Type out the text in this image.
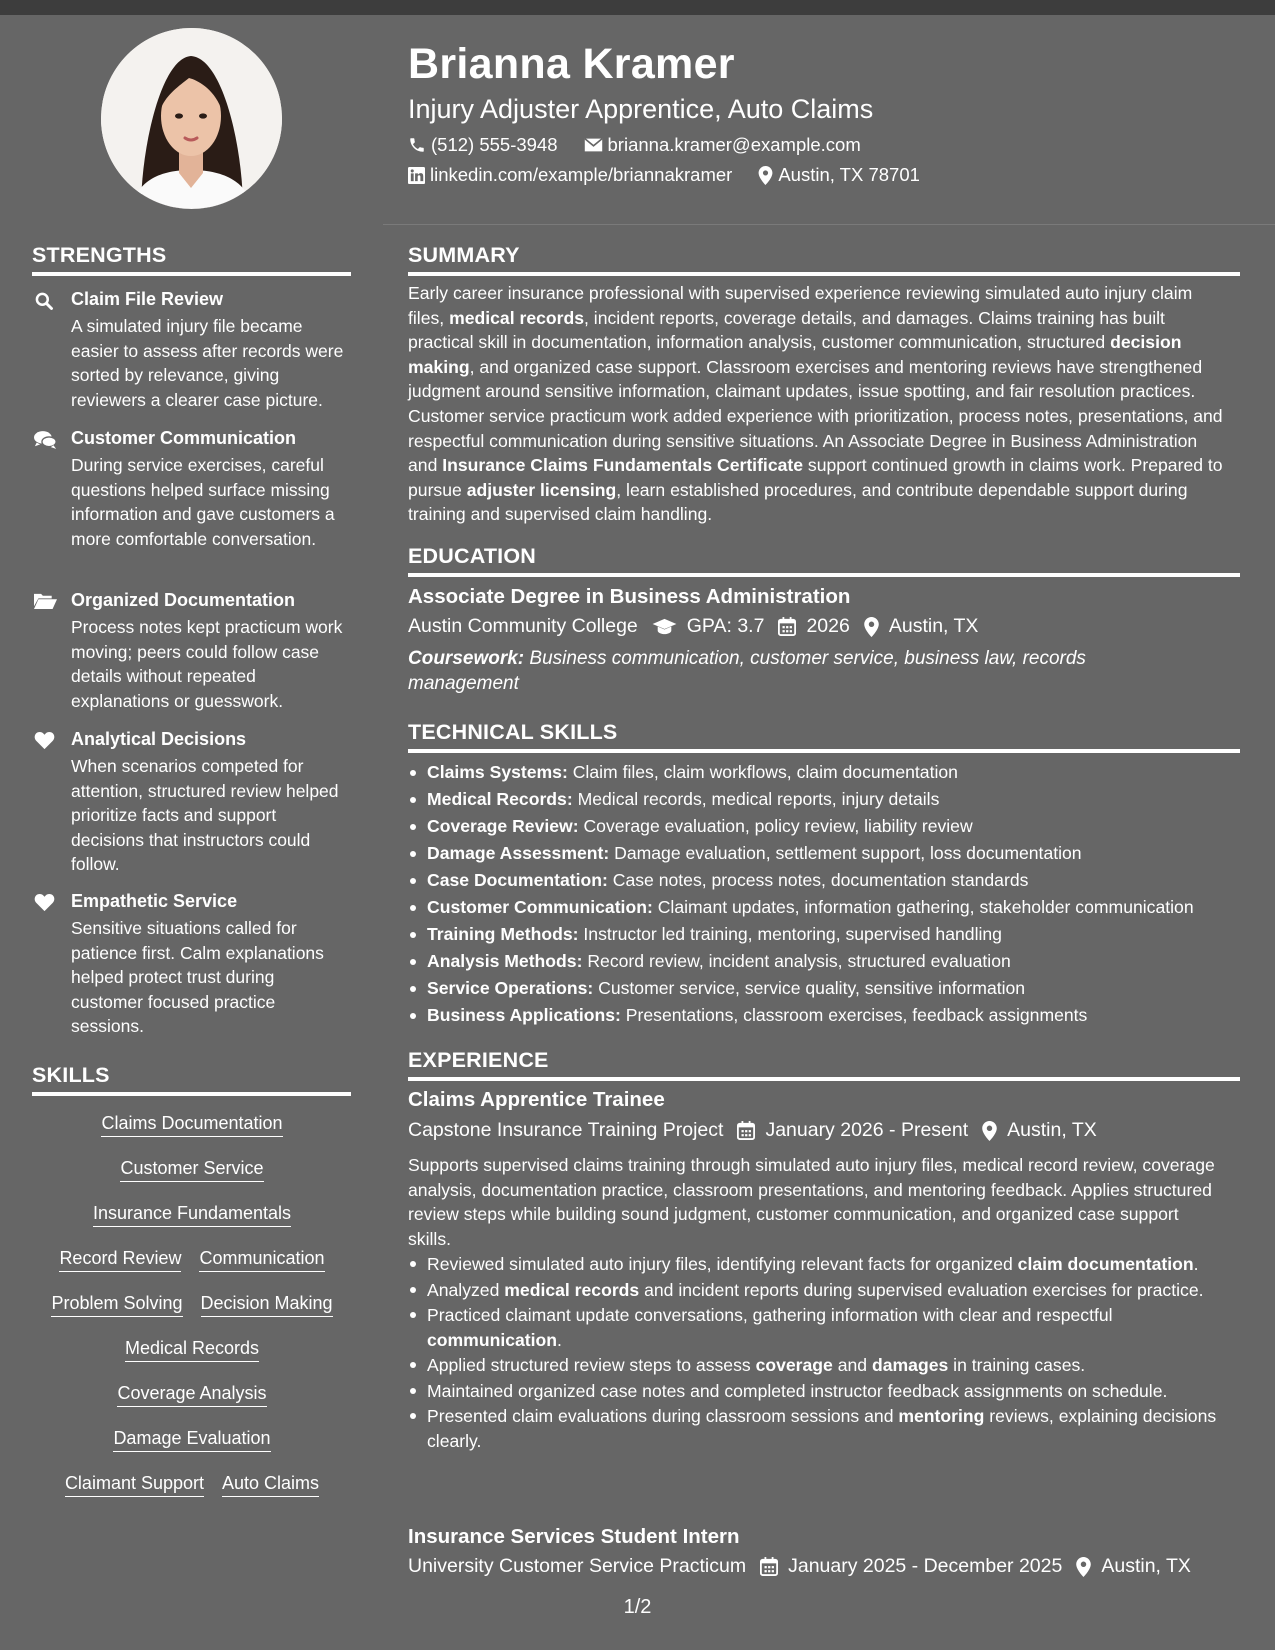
Brianna Kramer
Injury Adjuster Apprentice, Auto Claims
(512) 555-3948	brianna.kramer@example.com
linkedin.com/example/briannakramer Austin, TX 78701
STRENGTHS
Claim File Review
A simulated injury file became easier to assess after records were sorted by relevance, giving reviewers a clearer case picture.
Customer Communication
During service exercises, careful questions helped surface missing information and gave customers a more comfortable conversation.
Organized Documentation
Process notes kept practicum work moving; peers could follow case details without repeated explanations or guesswork.
Analytical Decisions
When scenarios competed for attention, structured review helped prioritize facts and support decisions that instructors could follow.
Empathetic Service
Sensitive situations called for patience first. Calm explanations helped protect trust during customer focused practice sessions.
SKILLS
Claims Documentation
Customer Service
Insurance Fundamentals
Record Review Communication
Problem Solving Decision Making
Medical Records
Coverage Analysis
Damage Evaluation
Claimant Support Auto Claims
SUMMARY
Early career insurance professional with supervised experience reviewing simulated auto injury claim files, medical records, incident reports, coverage details, and damages. Claims training has built practical skill in documentation, information analysis, customer communication, structured decision making, and organized case support. Classroom exercises and mentoring reviews have strengthened judgment around sensitive information, claimant updates, issue spotting, and fair resolution practices. Customer service practicum work added experience with prioritization, process notes, presentations, and respectful communication during sensitive situations. An Associate Degree in Business Administration and Insurance Claims Fundamentals Certificate support continued growth in claims work. Prepared to pursue adjuster licensing, learn established procedures, and contribute dependable support during training and supervised claim handling.
EDUCATION
Associate Degree in Business Administration
Austin Community College	GPA: 3.7 2026 Austin, TX
Coursework: Business communication, customer service, business law, records management
TECHNICAL SKILLS
Claims Systems: Claim files, claim workflows, claim documentation
Medical Records: Medical records, medical reports, injury details
Coverage Review: Coverage evaluation, policy review, liability review
Damage Assessment: Damage evaluation, settlement support, loss documentation
Case Documentation: Case notes, process notes, documentation standards
Customer Communication: Claimant updates, information gathering, stakeholder communication
Training Methods: Instructor led training, mentoring, supervised handling
Analysis Methods: Record review, incident analysis, structured evaluation
Service Operations: Customer service, service quality, sensitive information
Business Applications: Presentations, classroom exercises, feedback assignments
EXPERIENCE
Claims Apprentice Trainee
Capstone Insurance Training Project January 2026 - Present Austin, TX
Supports supervised claims training through simulated auto injury files, medical record review, coverage analysis, documentation practice, classroom presentations, and mentoring feedback. Applies structured review steps while building sound judgment, customer communication, and organized case support skills.
Reviewed simulated auto injury files, identifying relevant facts for organized claim documentation.
Analyzed medical records and incident reports during supervised evaluation exercises for practice.
Practiced claimant update conversations, gathering information with clear and respectful communication.
Applied structured review steps to assess coverage and damages in training cases.
Maintained organized case notes and completed instructor feedback assignments on schedule.
Presented claim evaluations during classroom sessions and mentoring reviews, explaining decisions clearly.
Insurance Services Student Intern
University Customer Service Practicum January 2025 - December 2025 Austin, TX
1/2
